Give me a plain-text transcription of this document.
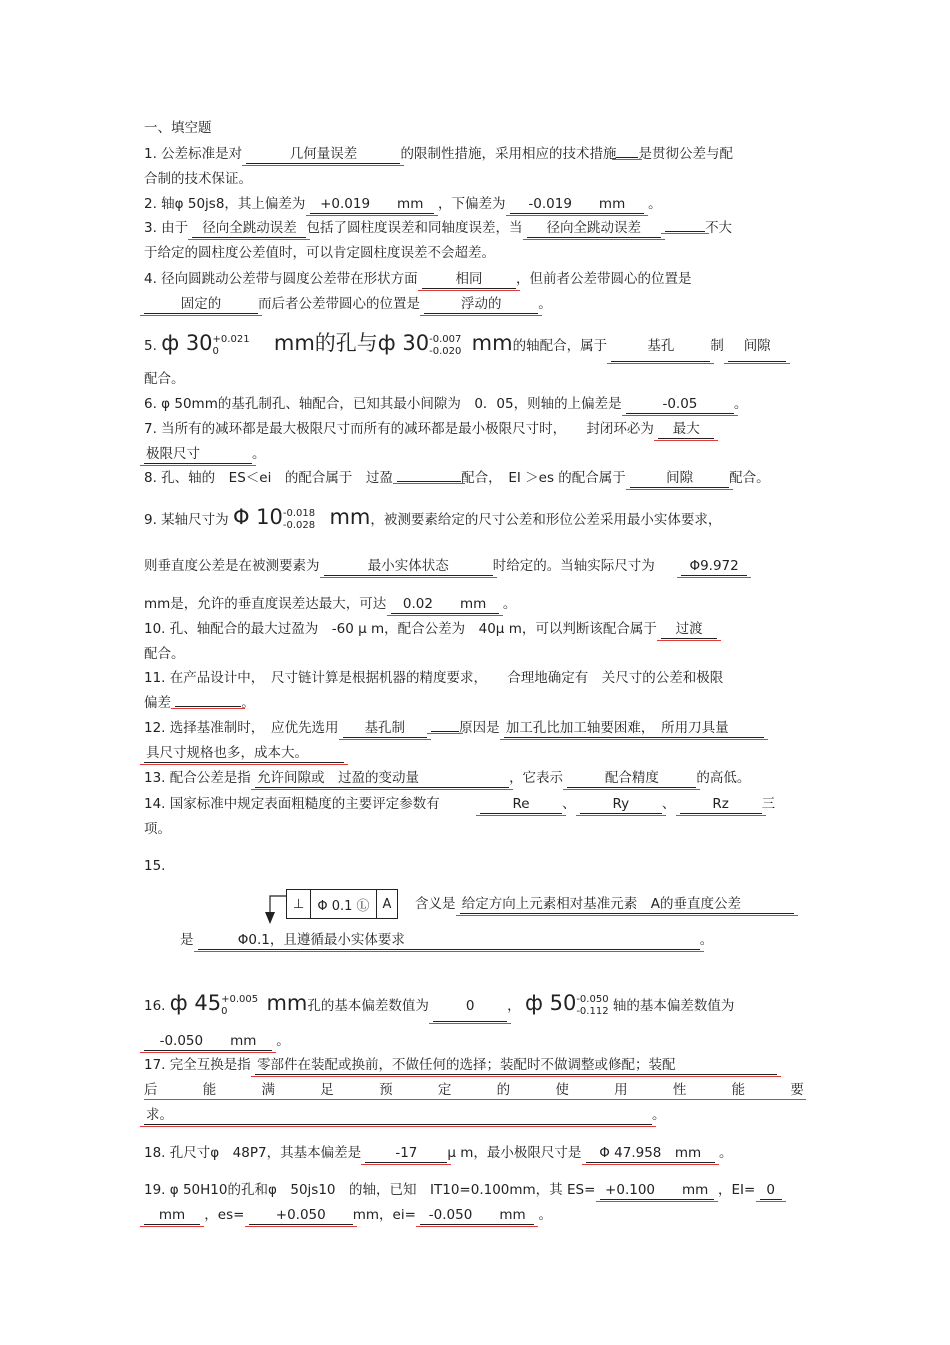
一、填空题
1. 公差标准是对	几何量误差	的限制性措施，采用相应的技术措施 是贯彻公差与配
合制的技术保证。
2. 轴φ 50js8，其上偏差为 +0.019　　 mm ，下偏差为 -0.019　　 mm 。
3. 由于 径向全跳动误差 包括了圆柱度误差和同轴度误差，当 径向全跳动误差	不大
于给定的圆柱度公差值时，可以肯定圆柱度误差不会超差。
4. 径向圆跳动公差带与圆度公差带在形状方面	相同 ，但前者公差带圆心的位置是
固定的	而后者公差带圆心的位置是	浮动的	。
5. ф 30 +0.021
0	mm的孔与ф 30 -0.007
-0.020 mm的轴配合，属于	基孔	制 间隙
配合。
6. φ 50mm的基孔制孔、轴配合，已知其最小间隙为　0．05，则轴的上偏差是	-0.05	。
7. 当所有的减环都是最大极限尺寸而所有的减环都是最小极限尺寸时，　　封闭环必为 最大
极限尺寸	。
8. 孔、轴的　ES＜ei　的配合属于　过盈	配合，　EI ＞es 的配合属于	间隙	配合。
9. 某轴尺寸为 Φ 10 -0.018
-0.028 mm，被测要素给定的尺寸公差和形位公差采用最小实体要求，
则垂直度公差是在被测要素为	最小实体状态	时给定的。当轴实际尺寸为	Φ9.972
mm是，允许的垂直度误差达最大，可达 0.02　　 mm 。
10. 孔、轴配合的最大过盈为　-60 μ m，配合公差为　40μ m，可以判断该配合属于 过渡
配合。
11. 在产品设计中，　尺寸链计算是根据机器的精度要求，　　合理地确定有　关尺寸的公差和极限
偏差	。
12. 选择基准制时，　应优先选用 基孔制	原因是 加工孔比加工轴要困难，　所用刀具量
具尺寸规格也多，成本大。
13. 配合公差是指 允许间隙或　过盈的变动量	，它表示	配合精度	的高低。
14. 国家标准中规定表面粗糙度的主要评定参数有	Re 、	Ry 、	Rz 三
项。
15.
⊥	Φ 0.1 Ⓛ	A	含义是 给定方向上元素相对基准元素　A的垂直度公差
是	Φ0.1，且遵循最小实体要求	。
16. ф 45 +0.005
0	mm孔的基本偏差数值为	0 ， ф 50 -0.050
-0.112 轴的基本偏差数值为
-0.050　　 mm 。
17. 完全互换是指 零部件在装配或换前，不做任何的选择；装配时不做调整或修配；装配
后	能	满	足	预	定	的	使	用	性	能	要
求。	。
18. 孔尺寸φ　48P7，其基本偏差是	-17 μ m，最小极限尺寸是 Φ 47.958　 mm 。
19. φ 50H10的孔和φ　50js10　的轴，已知　IT10=0.100mm，其 ES= +0.100　　 mm ，EI= 0
mm ，es= +0.050 mm，ei= -0.050　　 mm 。
